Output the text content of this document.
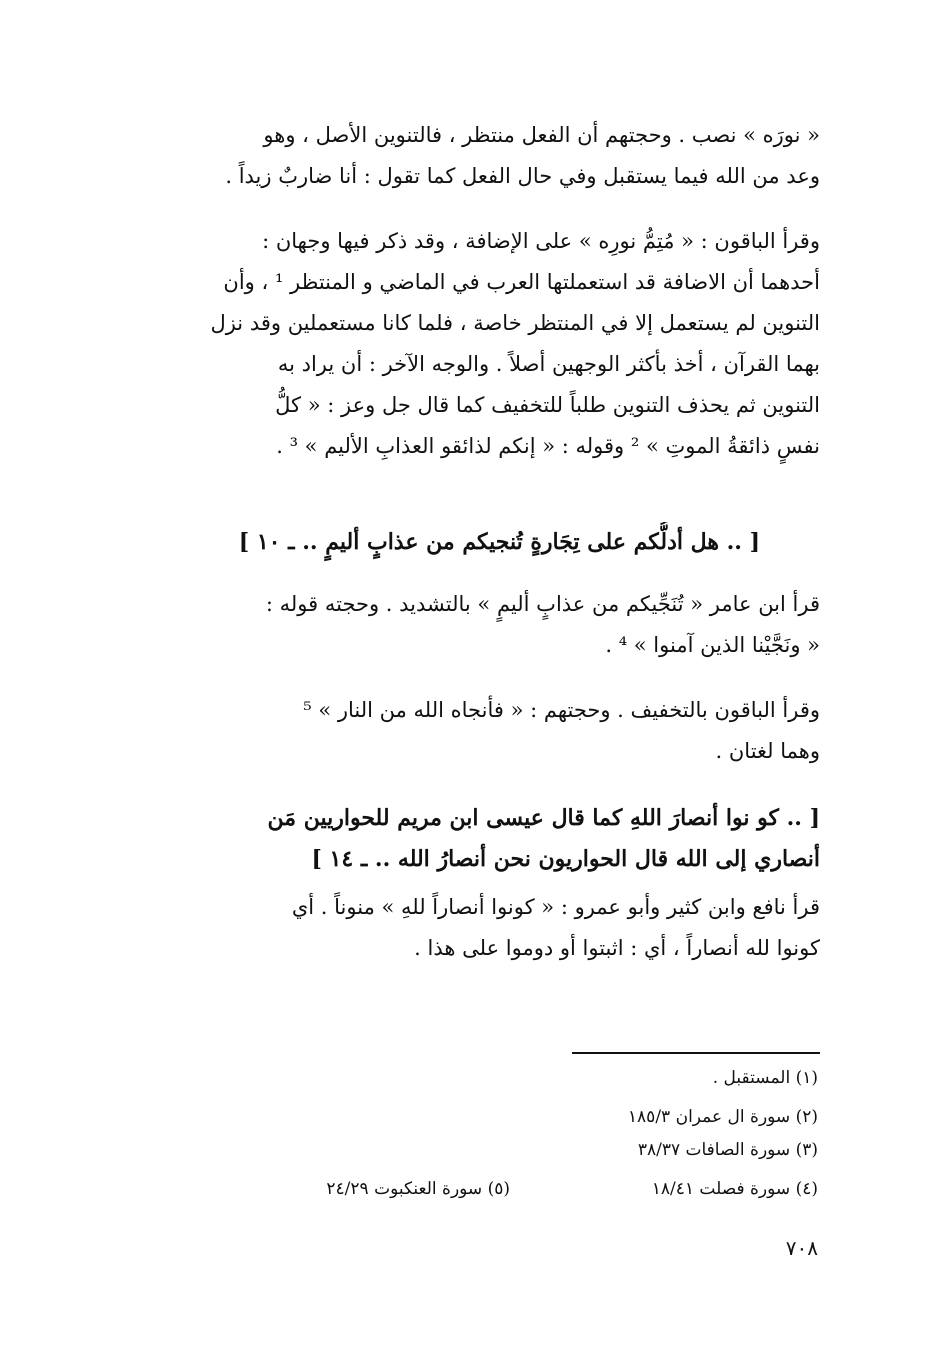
« نورَه » نصب . وحجتهم أن الفعل منتظر ، فالتنوين الأصل ، وهو
وعد من الله فيما يستقبل وفي حال الفعل كما تقول : أنا ضاربٌ زيداً .
وقرأ الباقون : « مُتِمُّ نورِه » على الإضافة ، وقد ذكر فيها وجهان :
أحدهما أن الاضافة قد استعملتها العرب في الماضي و المنتظر ¹ ، وأن
التنوين لم يستعمل إلا في المنتظر خاصة ، فلما كانا مستعملين وقد نزل
بهما القرآن ، أخذ بأكثر الوجهين أصلاً . والوجه الآخر : أن يراد به
التنوين ثم يحذف التنوين طلباً للتخفيف كما قال جل وعز : « كلُّ
نفسٍ ذائقةُ الموتِ » ² وقوله : « إنكم لذائقو العذابِ الأليم » ³ .
[ .. هل أدلُّكم على تِجَارةٍ تُنجيكم من عذابٍ أليمٍ .. ـ ١٠ ]
قرأ ابن عامر « تُنَجِّيكم من عذابٍ أليمٍ » بالتشديد . وحجته قوله :
« ونَجَّيْنا الذين آمنوا » ⁴ .
وقرأ الباقون بالتخفيف . وحجتهم : « فأنجاه الله من النار » ⁵
وهما لغتان .
[ .. كو نوا أنصارَ اللهِ كما قال عيسى ابن مريم للحواريين مَن
أنصاري إلى الله قال الحواريون نحن أنصارُ الله .. ـ ١٤ ]
قرأ نافع وابن كثير وأبو عمرو : « كونوا أنصاراً للهِ » منوناً . أي
كونوا لله أنصاراً ، أي : اثبتوا أو دوموا على هذا .
(١) المستقبل .
(٢) سورة ال عمران ١٨٥/٣
(٣) سورة الصافات ٣٨/٣٧
(٤) سورة فصلت ١٨/٤١
(٥) سورة العنكبوت ٢٤/٢٩
٧٠٨
